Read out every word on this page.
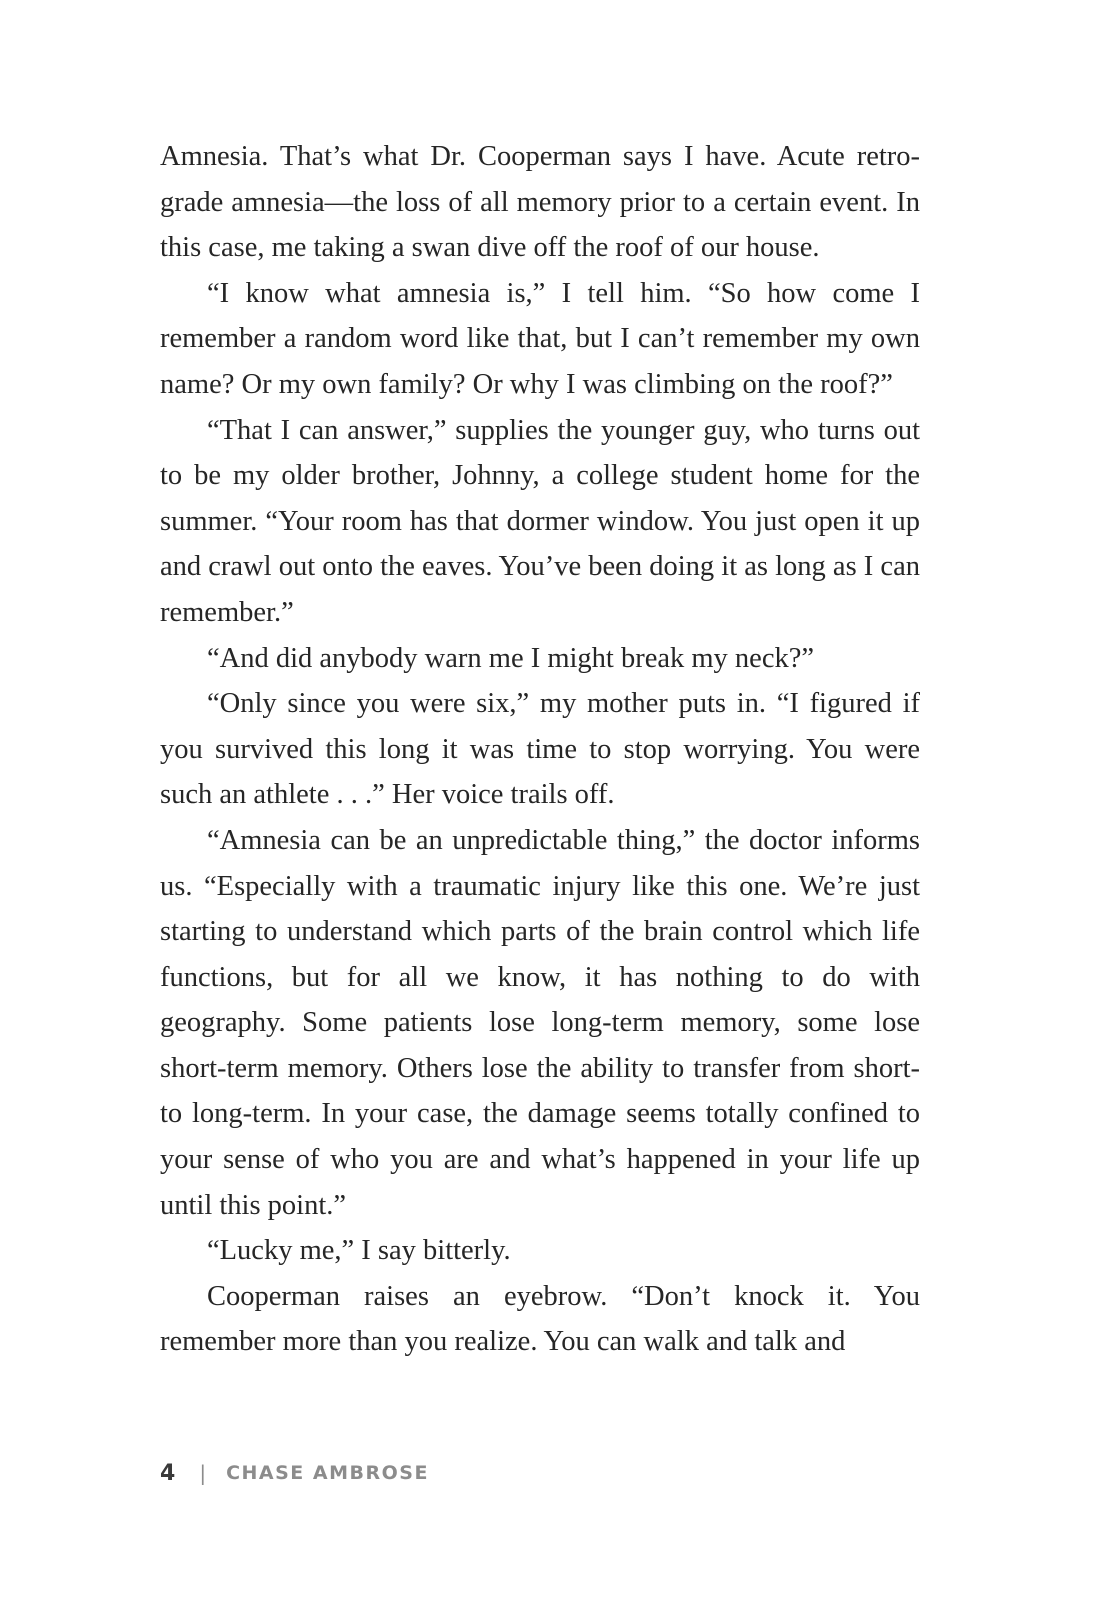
Amnesia. That’s what Dr. Cooperman says I have. Acute retrograde amnesia—the loss of all memory prior to a certain event. In this case, me taking a swan dive off the roof of our house.

“I know what amnesia is,” I tell him. “So how come I remember a random word like that, but I can’t remember my own name? Or my own family? Or why I was climbing on the roof?”

“That I can answer,” supplies the younger guy, who turns out to be my older brother, Johnny, a college student home for the summer. “Your room has that dormer window. You just open it up and crawl out onto the eaves. You’ve been doing it as long as I can remember.”

“And did anybody warn me I might break my neck?”

“Only since you were six,” my mother puts in. “I figured if you survived this long it was time to stop worrying. You were such an athlete . . .” Her voice trails off.

“Amnesia can be an unpredictable thing,” the doctor informs us. “Especially with a traumatic injury like this one. We’re just starting to understand which parts of the brain control which life functions, but for all we know, it has nothing to do with geography. Some patients lose long-term memory, some lose short-term memory. Others lose the ability to transfer from short- to long-term. In your case, the damage seems totally confined to your sense of who you are and what’s happened in your life up until this point.”

“Lucky me,” I say bitterly.

Cooperman raises an eyebrow. “Don’t knock it. You remember more than you realize. You can walk and talk and

4 | CHASE AMBROSE
